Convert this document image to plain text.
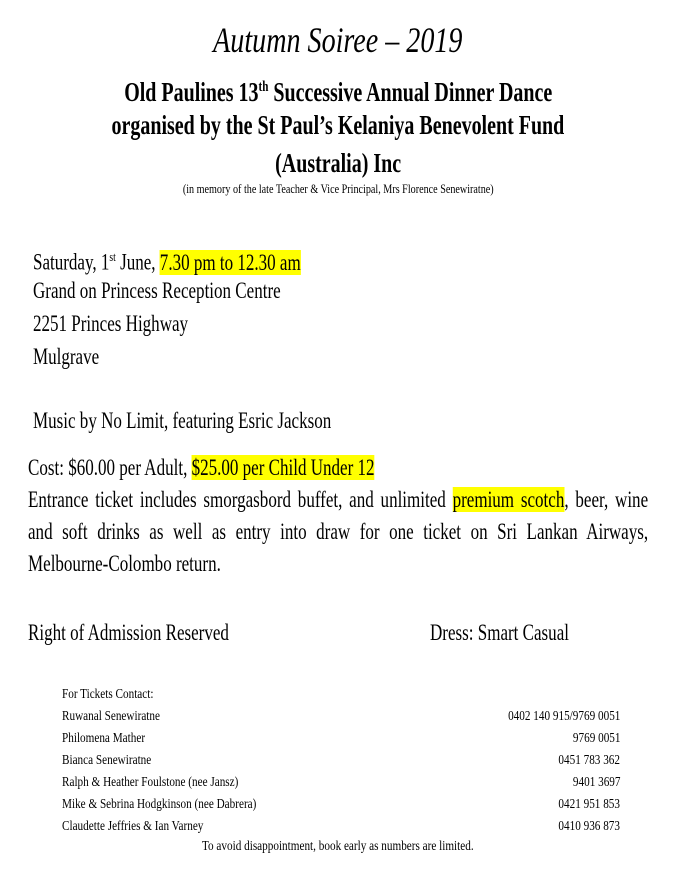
Autumn Soiree – 2019
Old Paulines 13th Successive Annual Dinner Dance
organised by the St Paul’s Kelaniya Benevolent Fund
(Australia) Inc
(in memory of the late Teacher & Vice Principal, Mrs Florence Senewiratne)
Saturday, 1st June, 7.30 pm to 12.30 am
Grand on Princess Reception Centre
2251 Princes Highway
Mulgrave
Music by No Limit, featuring Esric Jackson
Cost: $60.00 per Adult, $25.00 per Child Under 12
Entrance ticket includes smorgasbord buffet, and unlimited premium scotch, beer, wine and soft drinks as well as entry into draw for one ticket on Sri Lankan Airways, Melbourne-Colombo return.
Right of Admission Reserved	Dress: Smart Casual
For Tickets Contact:
Ruwanal Senewiratne	0402 140 915/9769 0051
Philomena Mather	9769 0051
Bianca Senewiratne	0451 783 362
Ralph & Heather Foulstone (nee Jansz)	9401 3697
Mike & Sebrina Hodgkinson (nee Dabrera)	0421 951 853
Claudette Jeffries & Ian Varney	0410 936 873
To avoid disappointment, book early as numbers are limited.
